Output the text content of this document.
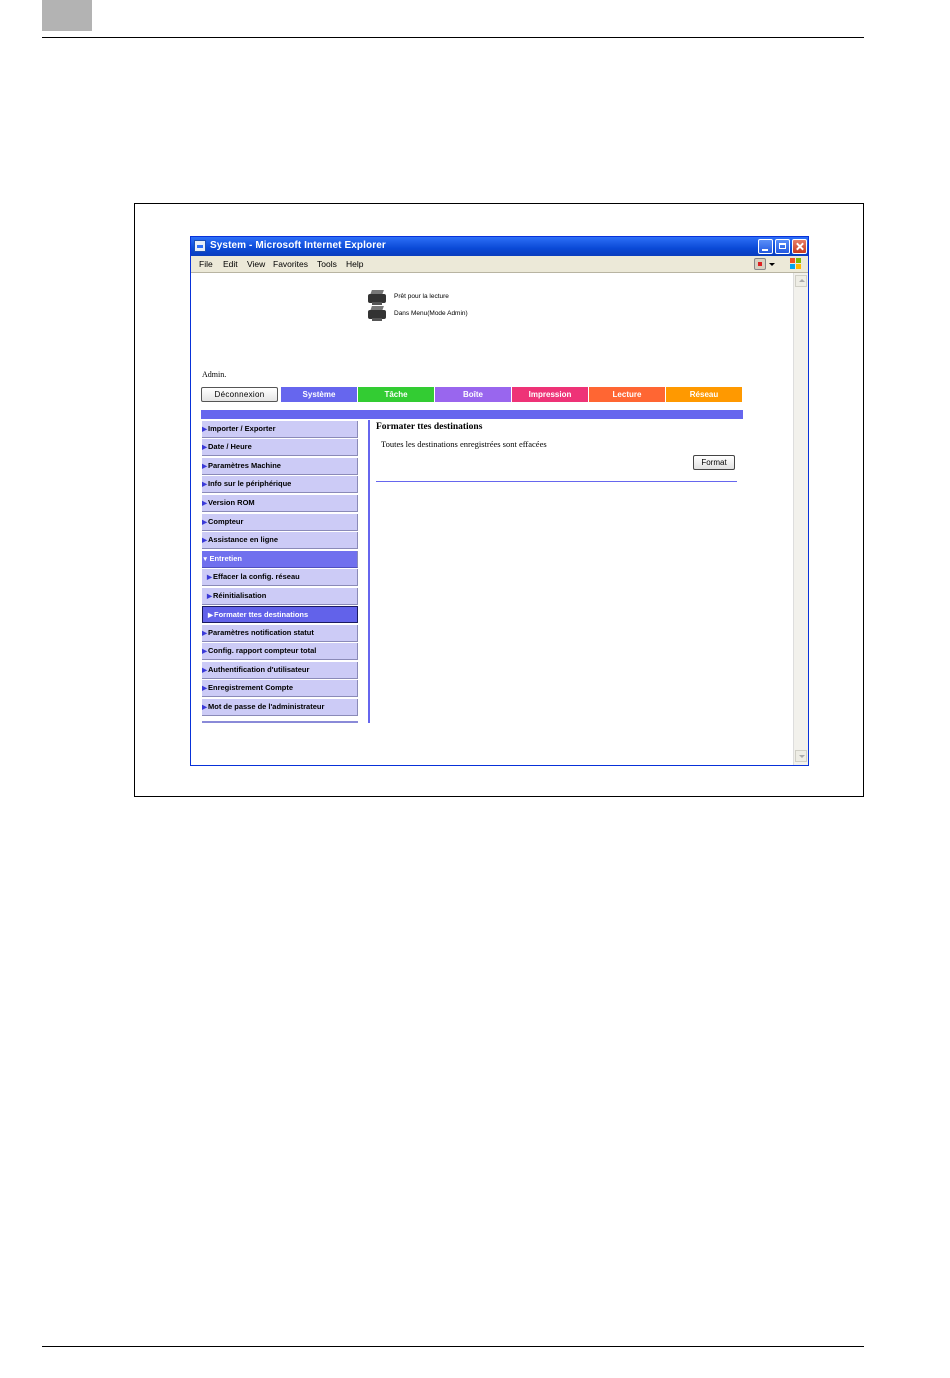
System - Microsoft Internet Explorer
File Edit View Favorites Tools Help
Prêt pour la lecture
Dans Menu(Mode Admin)
Admin.
Déconnexion	Système	Tâche	Boîte	Impression	Lecture	Réseau
▶Importer / Exporter
▶Date / Heure
▶Paramètres Machine
▶Info sur le périphérique
▶Version ROM
▶Compteur
▶Assistance en ligne
▼Entretien
▶Effacer la config. réseau
▶Réinitialisation
▶Formater ttes destinations
▶Paramètres notification statut
▶Config. rapport compteur total
▶Authentification d'utilisateur
▶Enregistrement Compte
▶Mot de passe de l'administrateur
Formater ttes destinations
Toutes les destinations enregistrées sont effacées
Format
